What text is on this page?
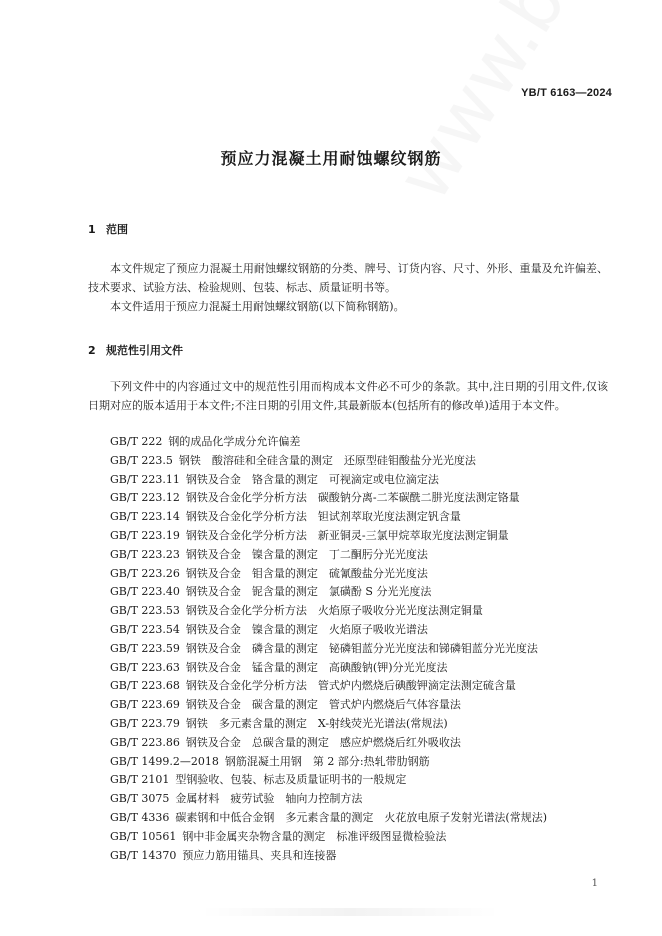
YB/T 6163—2024
预应力混凝土用耐蚀螺纹钢筋
1 范围
本文件规定了预应力混凝土用耐蚀螺纹钢筋的分类、牌号、订货内容、尺寸、外形、重量及允许偏差、技术要求、试验方法、检验规则、包装、标志、质量证明书等。
本文件适用于预应力混凝土用耐蚀螺纹钢筋(以下简称钢筋)。
2 规范性引用文件
下列文件中的内容通过文中的规范性引用而构成本文件必不可少的条款。其中,注日期的引用文件,仅该日期对应的版本适用于本文件;不注日期的引用文件,其最新版本(包括所有的修改单)适用于本文件。
GB/T 222 钢的成品化学成分允许偏差
GB/T 223.5 钢铁　酸溶硅和全硅含量的测定　还原型硅钼酸盐分光光度法
GB/T 223.11 钢铁及合金　铬含量的测定　可视滴定或电位滴定法
GB/T 223.12 钢铁及合金化学分析方法　碳酸钠分离-二苯碳酰二肼光度法测定铬量
GB/T 223.14 钢铁及合金化学分析方法　钽试剂萃取光度法测定钒含量
GB/T 223.19 钢铁及合金化学分析方法　新亚铜灵-三氯甲烷萃取光度法测定铜量
GB/T 223.23 钢铁及合金　镍含量的测定　丁二酮肟分光光度法
GB/T 223.26 钢铁及合金　钼含量的测定　硫氰酸盐分光光度法
GB/T 223.40 钢铁及合金　铌含量的测定　氯磺酚 S 分光光度法
GB/T 223.53 钢铁及合金化学分析方法　火焰原子吸收分光光度法测定铜量
GB/T 223.54 钢铁及合金　镍含量的测定　火焰原子吸收光谱法
GB/T 223.59 钢铁及合金　磷含量的测定　铋磷钼蓝分光光度法和锑磷钼蓝分光光度法
GB/T 223.63 钢铁及合金　锰含量的测定　高碘酸钠(钾)分光光度法
GB/T 223.68 钢铁及合金化学分析方法　管式炉内燃烧后碘酸钾滴定法测定硫含量
GB/T 223.69 钢铁及合金　碳含量的测定　管式炉内燃烧后气体容量法
GB/T 223.79 钢铁　多元素含量的测定　X-射线荧光光谱法(常规法)
GB/T 223.86 钢铁及合金　总碳含量的测定　感应炉燃烧后红外吸收法
GB/T 1499.2—2018 钢筋混凝土用钢　第 2 部分:热轧带肋钢筋
GB/T 2101 型钢验收、包装、标志及质量证明书的一般规定
GB/T 3075 金属材料　疲劳试验　轴向力控制方法
GB/T 4336 碳素钢和中低合金钢　多元素含量的测定　火花放电原子发射光谱法(常规法)
GB/T 10561 钢中非金属夹杂物含量的测定　标准评级图显微检验法
GB/T 14370 预应力筋用锚具、夹具和连接器
1
